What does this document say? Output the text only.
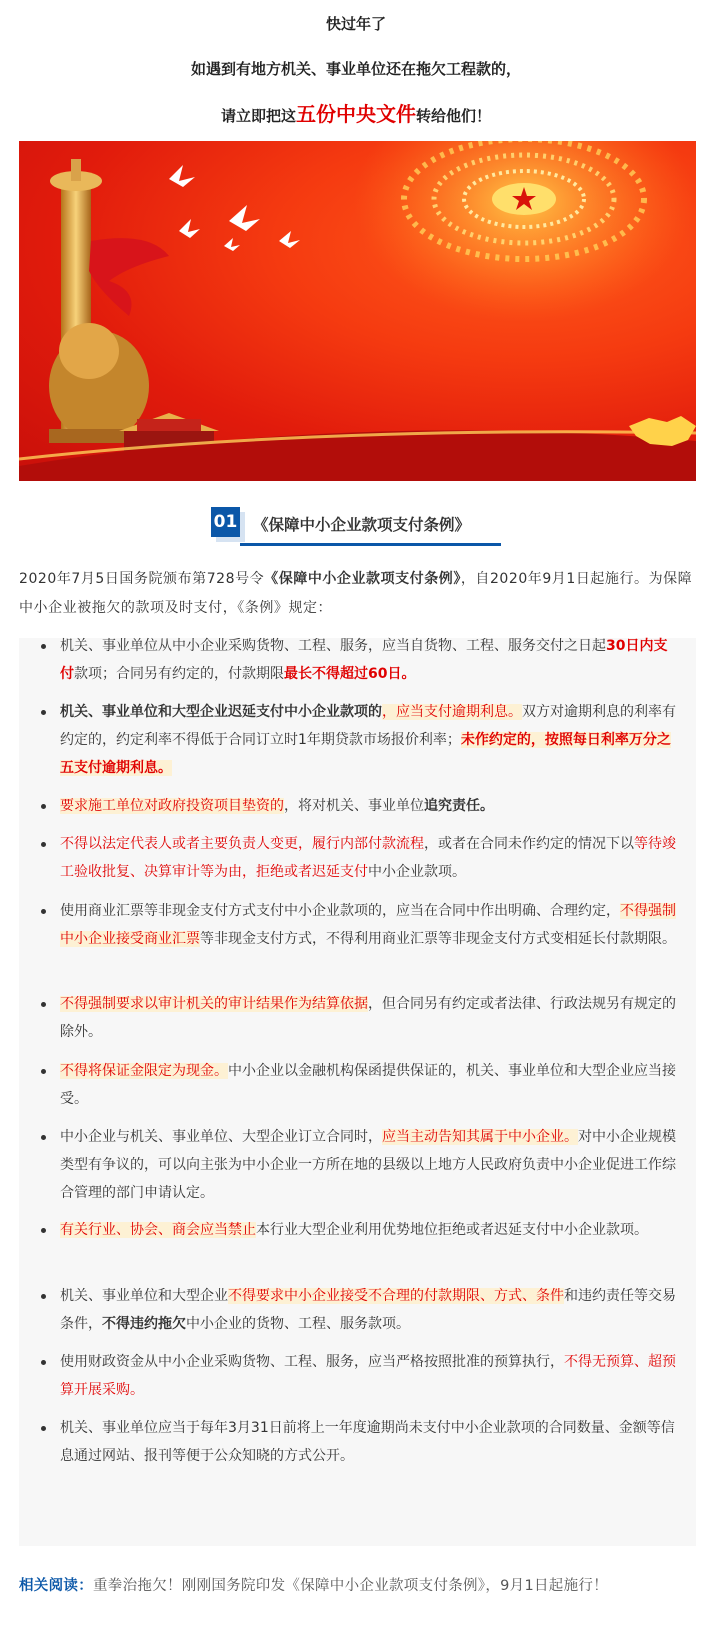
快过年了
如遇到有地方机关、事业单位还在拖欠工程款的，
请立即把这五份中央文件转给他们！
01 《保障中小企业款项支付条例》
2020年7月5日国务院颁布第728号令《保障中小企业款项支付条例》，自2020年9月1日起施行。为保障中小企业被拖欠的款项及时支付，《条例》规定：
机关、事业单位从中小企业采购货物、工程、服务，应当自货物、工程、服务交付之日起30日内支付款项；合同另有约定的，付款期限最长不得超过60日。
机关、事业单位和大型企业迟延支付中小企业款项的，应当支付逾期利息。双方对逾期利息的利率有约定的，约定利率不得低于合同订立时1年期贷款市场报价利率；未作约定的，按照每日利率万分之五支付逾期利息。
要求施工单位对政府投资项目垫资的，将对机关、事业单位追究责任。
不得以法定代表人或者主要负责人变更，履行内部付款流程，或者在合同未作约定的情况下以等待竣工验收批复、决算审计等为由，拒绝或者迟延支付中小企业款项。
使用商业汇票等非现金支付方式支付中小企业款项的，应当在合同中作出明确、合理约定，不得强制中小企业接受商业汇票等非现金支付方式，不得利用商业汇票等非现金支付方式变相延长付款期限。
不得强制要求以审计机关的审计结果作为结算依据，但合同另有约定或者法律、行政法规另有规定的除外。
不得将保证金限定为现金。中小企业以金融机构保函提供保证的，机关、事业单位和大型企业应当接受。
中小企业与机关、事业单位、大型企业订立合同时，应当主动告知其属于中小企业。对中小企业规模类型有争议的，可以向主张为中小企业一方所在地的县级以上地方人民政府负责中小企业促进工作综合管理的部门申请认定。
有关行业、协会、商会应当禁止本行业大型企业利用优势地位拒绝或者迟延支付中小企业款项。
机关、事业单位和大型企业不得要求中小企业接受不合理的付款期限、方式、条件和违约责任等交易条件，不得违约拖欠中小企业的货物、工程、服务款项。
使用财政资金从中小企业采购货物、工程、服务，应当严格按照批准的预算执行，不得无预算、超预算开展采购。
机关、事业单位应当于每年3月31日前将上一年度逾期尚未支付中小企业款项的合同数量、金额等信息通过网站、报刊等便于公众知晓的方式公开。
相关阅读：重拳治拖欠！刚刚国务院印发《保障中小企业款项支付条例》，9月1日起施行！
